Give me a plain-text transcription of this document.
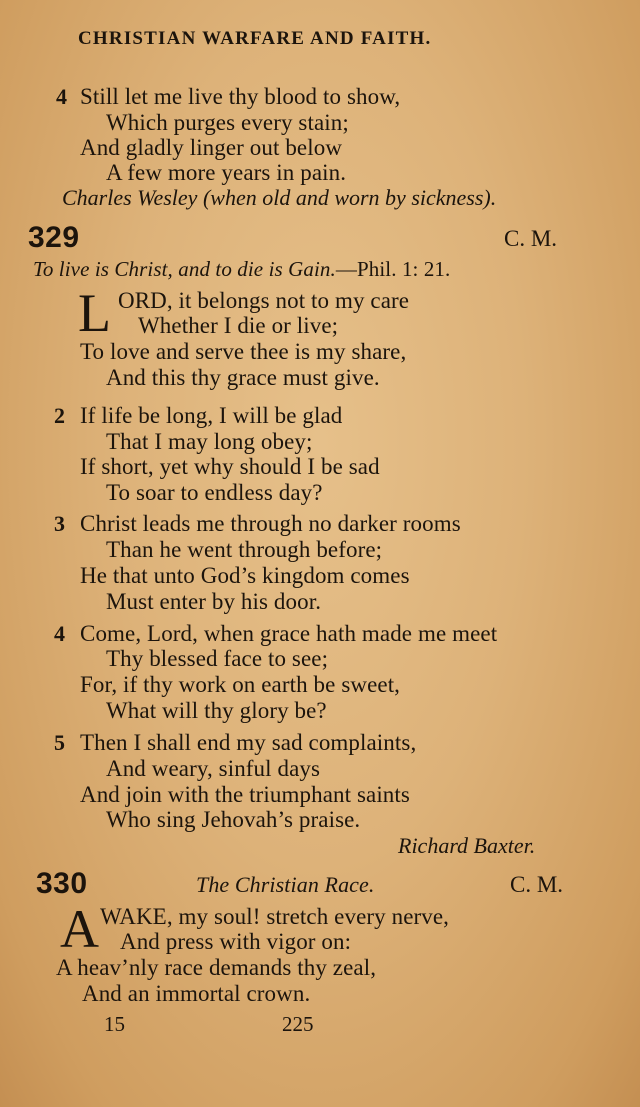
CHRISTIAN WARFARE AND FAITH.
4 Still let me live thy blood to show,
Which purges every stain;
And gladly linger out below
A few more years in pain.
Charles Wesley (when old and worn by sickness).
329	C. M.
To live is Christ, and to die is Gain.—Phil. 1: 21.
L ORD, it belongs not to my care
Whether I die or live;
To love and serve thee is my share,
And this thy grace must give.
2 If life be long, I will be glad
That I may long obey;
If short, yet why should I be sad
To soar to endless day?
3 Christ leads me through no darker rooms
Than he went through before;
He that unto God’s kingdom comes
Must enter by his door.
4 Come, Lord, when grace hath made me meet
Thy blessed face to see;
For, if thy work on earth be sweet,
What will thy glory be?
5 Then I shall end my sad complaints,
And weary, sinful days
And join with the triumphant saints
Who sing Jehovah’s praise.
Richard Baxter.
330	The Christian Race.	C. M.
A WAKE, my soul! stretch every nerve,
And press with vigor on:
A heav’nly race demands thy zeal,
And an immortal crown.
15	225
